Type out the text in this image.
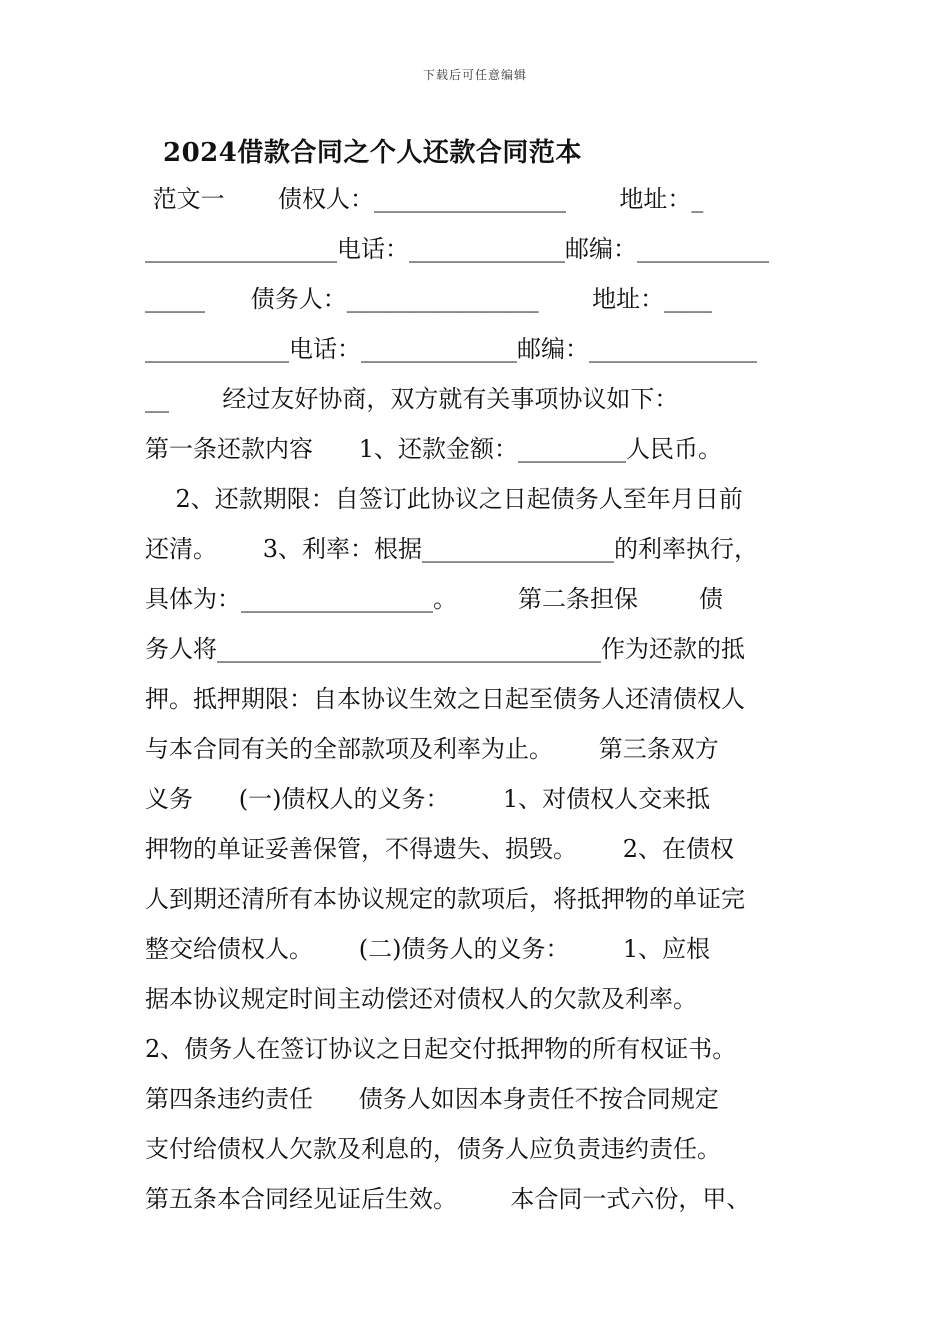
下载后可任意编辑
2024借款合同之个人还款合同范本
范文一       债权人：________________       地址：_
________________电话：_____________邮编：___________
_____      债务人：________________       地址：____
____________电话：_____________邮编：______________
__       经过友好协商，双方就有关事项协议如下：
第一条还款内容      1、还款金额：_________人民币。
2、还款期限：自签订此协议之日起债务人至年月日前
还清。      3、利率：根据________________的利率执行，
具体为：________________。        第二条担保        债
务人将________________________________作为还款的抵
押。抵押期限：自本协议生效之日起至债务人还清债权人
与本合同有关的全部款项及利率为止。      第三条双方
义务      (一)债权人的义务：       1、对债权人交来抵
押物的单证妥善保管，不得遗失、损毁。      2、在债权
人到期还清所有本协议规定的款项后，将抵押物的单证完
整交给债权人。      (二)债务人的义务：       1、应根
据本协议规定时间主动偿还对债权人的欠款及利率。
2、债务人在签订协议之日起交付抵押物的所有权证书。
第四条违约责任      债务人如因本身责任不按合同规定
支付给债权人欠款及利息的，债务人应负责违约责任。
第五条本合同经见证后生效。       本合同一式六份，甲、
